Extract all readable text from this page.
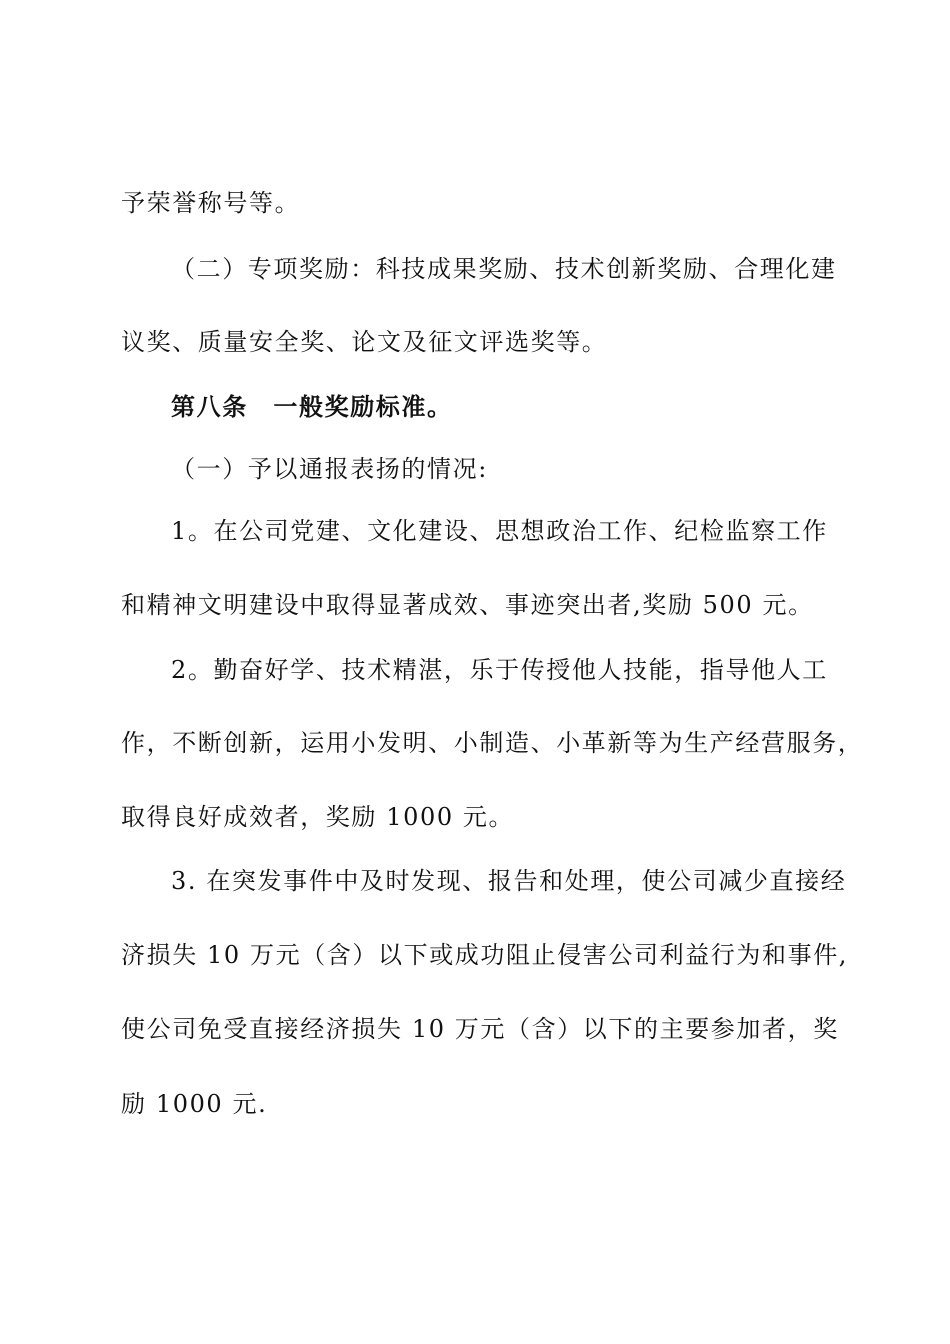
予荣誉称号等。
（二）专项奖励：科技成果奖励、技术创新奖励、合理化建
议奖、质量安全奖、论文及征文评选奖等。
第八条　一般奖励标准。
（一）予以通报表扬的情况:
1。在公司党建、文化建设、思想政治工作、纪检监察工作
和精神文明建设中取得显著成效、事迹突出者,奖励 500 元。
2。勤奋好学、技术精湛，乐于传授他人技能，指导他人工
作，不断创新，运用小发明、小制造、小革新等为生产经营服务，
取得良好成效者，奖励 1000 元。
3. 在突发事件中及时发现、报告和处理，使公司减少直接经
济损失 10 万元（含）以下或成功阻止侵害公司利益行为和事件,
使公司免受直接经济损失 10 万元（含）以下的主要参加者，奖
励 1000 元.
